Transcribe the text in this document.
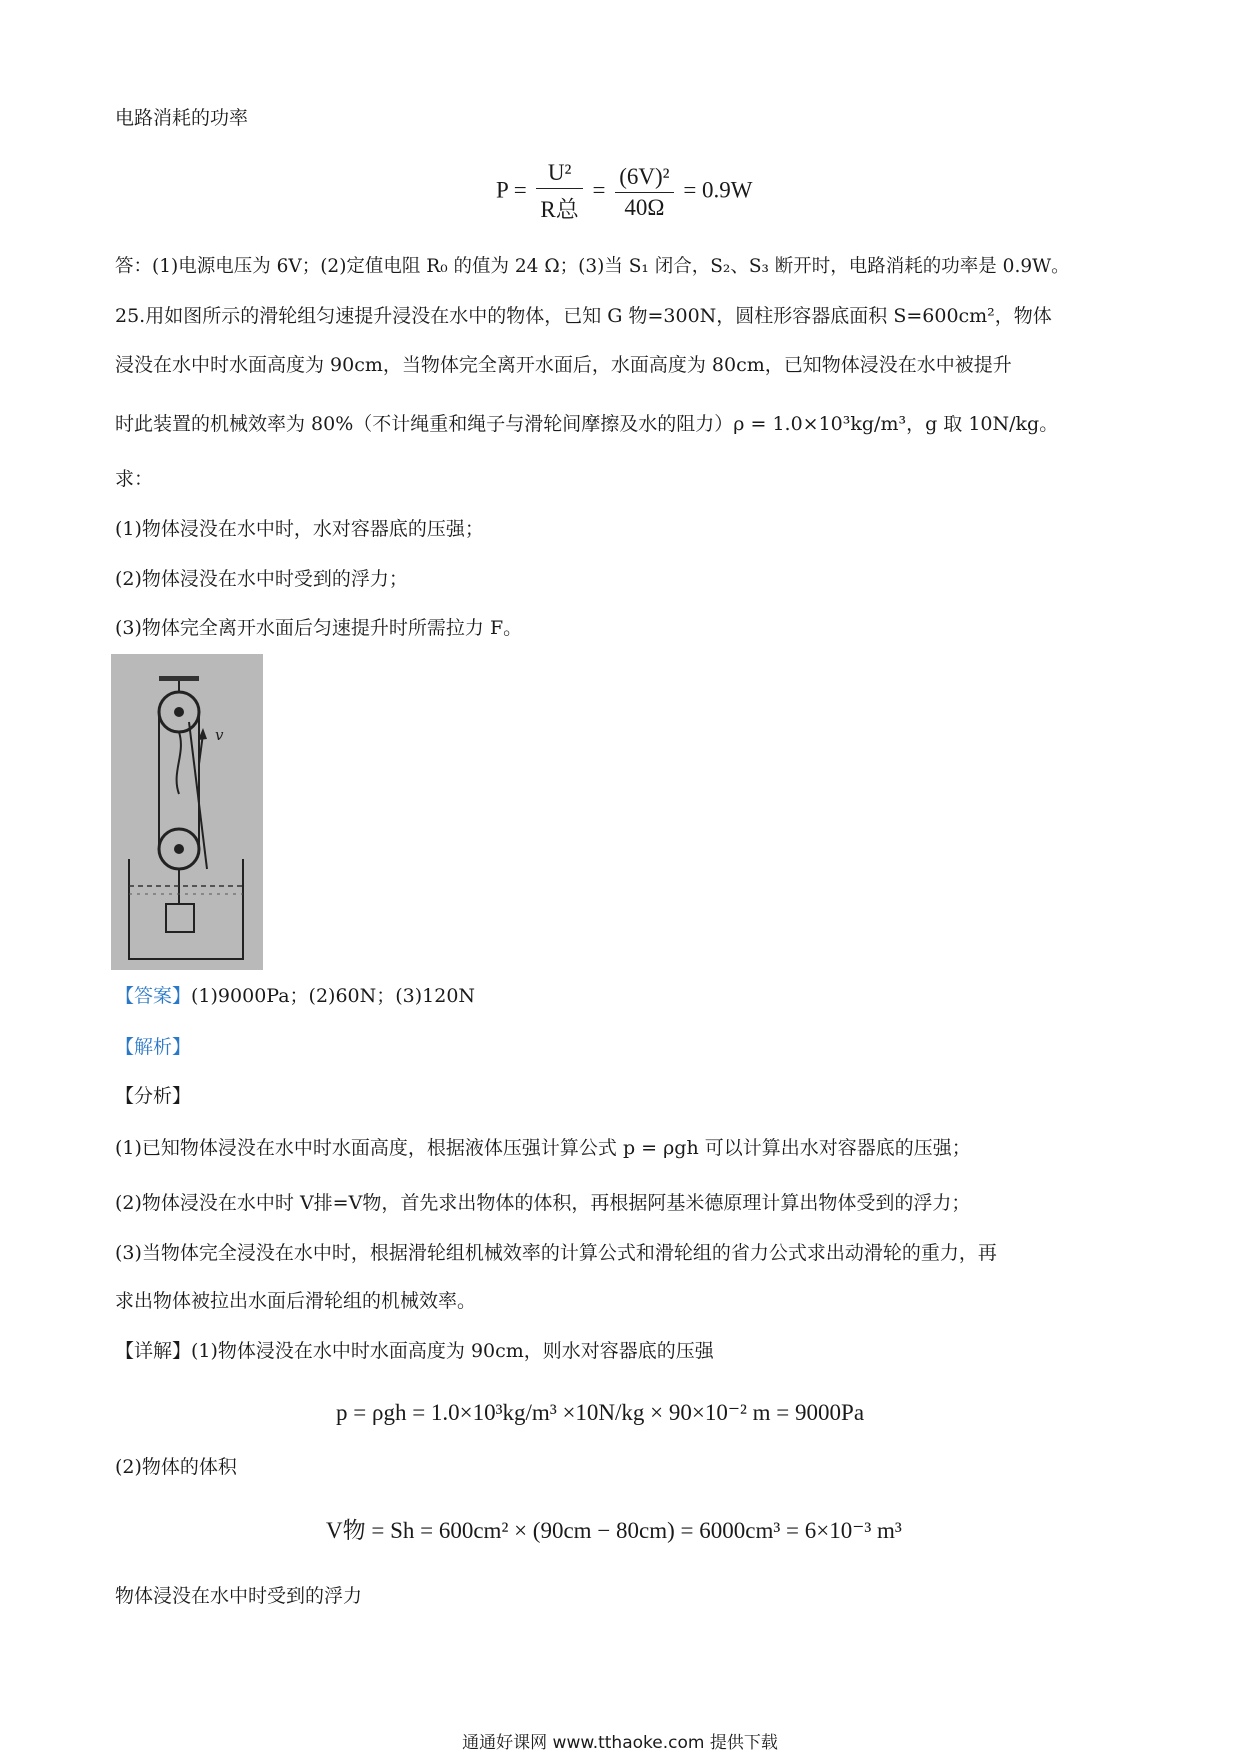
电路消耗的功率
$P = \frac{\text{U²}}{\text{R总}} = \frac{\text{(6V)²}}{40\Omega} = 0.9W$
答：(1)电源电压为 6V；(2)定值电阻 R₀ 的值为 24 Ω；(3)当 S₁ 闭合，S₂、S₃ 断开时，电路消耗的功率是 0.9W。
25.用如图所示的滑轮组匀速提升浸没在水中的物体，已知 G 物=300N，圆柱形容器底面积 S=600cm²，物体
浸没在水中时水面高度为 90cm，当物体完全离开水面后，水面高度为 80cm，已知物体浸没在水中被提升
时此装置的机械效率为 80%（不计绳重和绳子与滑轮间摩擦及水的阻力）ρ = 1.0×10³kg/m³，g 取 10N/kg。
求：
(1)物体浸没在水中时，水对容器底的压强；
(2)物体浸没在水中时受到的浮力；
(3)物体完全离开水面后匀速提升时所需拉力 F。
v
【答案】(1)9000Pa；(2)60N；(3)120N
【解析】
【分析】
(1)已知物体浸没在水中时水面高度，根据液体压强计算公式 p = ρgh 可以计算出水对容器底的压强；
(2)物体浸没在水中时 V排=V物，首先求出物体的体积，再根据阿基米德原理计算出物体受到的浮力；
(3)当物体完全浸没在水中时，根据滑轮组机械效率的计算公式和滑轮组的省力公式求出动滑轮的重力，再
求出物体被拉出水面后滑轮组的机械效率。
【详解】(1)物体浸没在水中时水面高度为 90cm，则水对容器底的压强
p = ρgh = 1.0×10³kg/m³ ×10N/kg × 90×10⁻² m = 9000Pa
(2)物体的体积
V物 = Sh = 600cm² × (90cm − 80cm) = 6000cm³ = 6×10⁻³ m³
物体浸没在水中时受到的浮力
通通好课网 www.tthaoke.com 提供下载
